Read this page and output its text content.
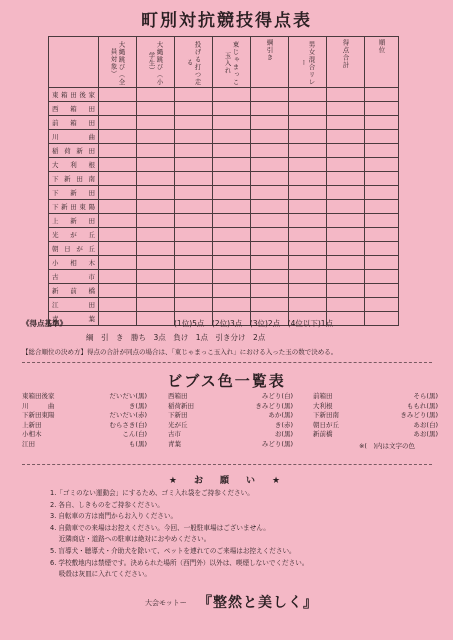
町別対抗競技得点表

	大縄跳び（全員対象）	大縄跳び（小学生）	投げる打つ走る	東じゃまっこ玉入れ	綱引き	男女混合リレー	得点合計	順位

東箱田後家								
西箱田								
前箱田								
川曲								
稲荷新田								
大利根								
下新田南								
下新田								
下新田東陽								
上新田								
光が丘								
朝日が丘								
小相木								
古市								
新前橋								
江田								
青葉								
《得点基準》	(1位)5点　(2位)3点　(3位)2点　(4位以下)1点
綱　引　き　勝ち　3点　負け　1点　引き分け　2点
【総合順位の決め方】得点の合計が同点の場合は、「東じゃまっこ玉入れ」における入った玉の数で決める。
ビブス色一覧表
東箱田後家	だいだい(黒)
川　　　曲	き(黒)
下新田東陽	だいだい(赤)
上新田	むらさき(白)
小相木	こん(白)
江田	も(黒)
西箱田	みどり(白)
稲荷新田	きみどり(黒)
下新田	あか(黒)
光が丘	き(赤)
古市	お(黒)
青葉	みどり(黒)
前箱田	そら(黒)
大利根	ももれ(黒)
下新田南	きみどり(黒)
朝日が丘	あお(白)
新前橋	あお(黒)
※(　)内は文字の色
★　お　願　い　★
1.「ゴミのない運動会」にするため、ゴミ入れ袋をご持参ください。
2. 各自、しきものをご持参ください。
3. 自転車の方は南門からお入りください。
4. 自動車での来場はお控えください。今回、一般駐車場はございません。
　 近隣商店・道路への駐車は絶対におやめください。
5. 盲導犬・聴導犬・介助犬を除いて、ペットを連れてのご来場はお控えください。
6. 学校敷地内は禁煙です。決められた場所（西門外）以外は、喫煙しないでください。
　 吸殻は灰皿に入れてください。
大会モットー 『整然と美しく』
